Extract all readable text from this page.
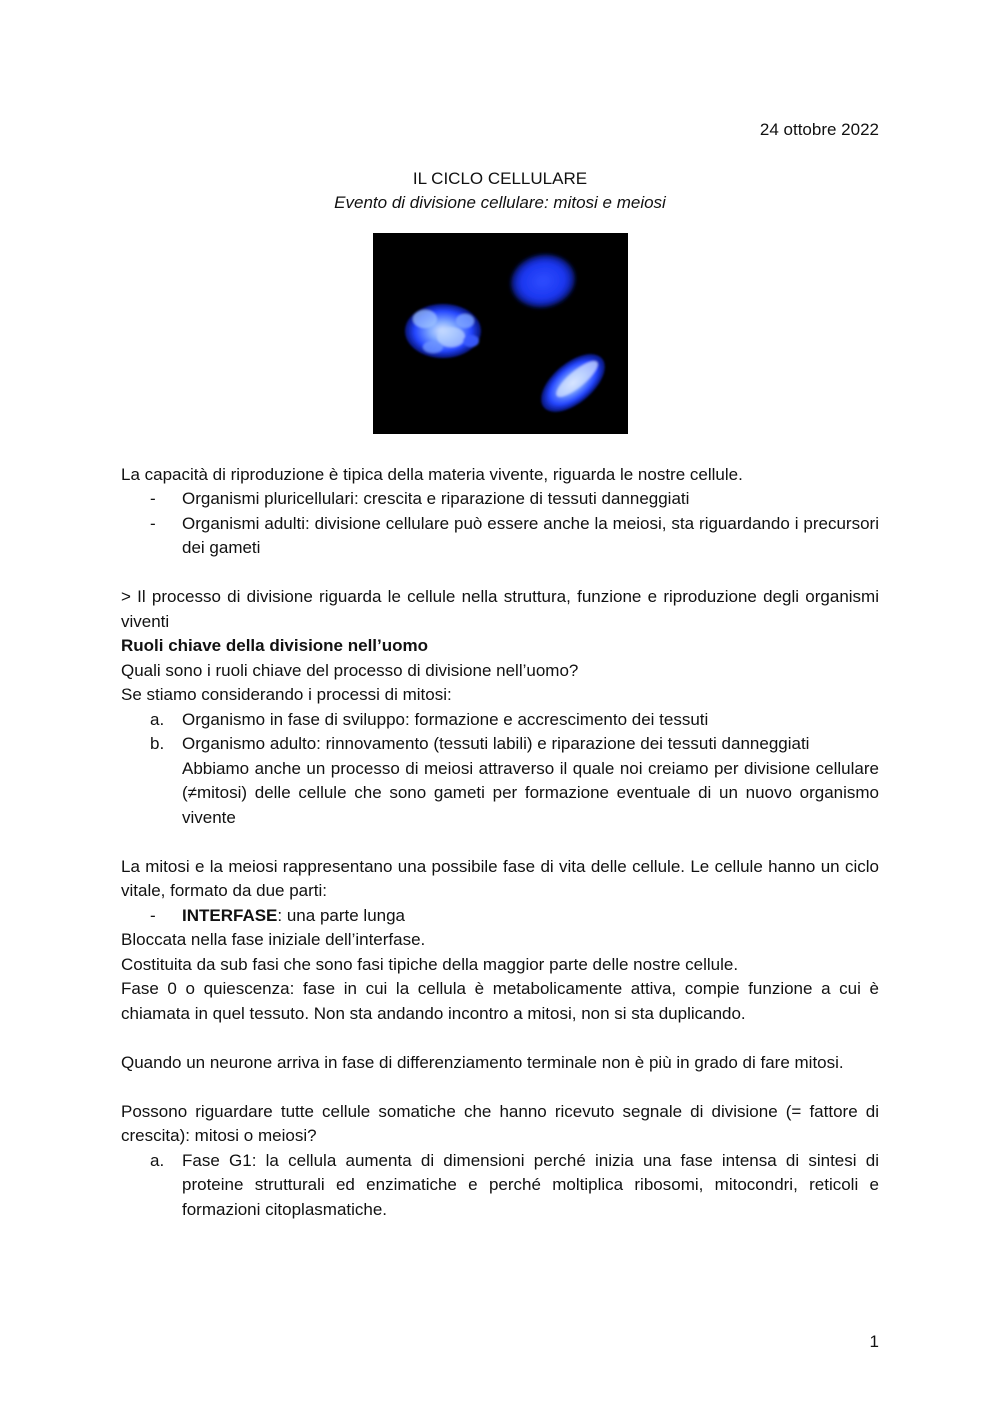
24 ottobre 2022

IL CICLO CELLULARE

Evento di divisione cellulare: mitosi e meiosi

La capacità di riproduzione è tipica della materia vivente, riguarda le nostre cellule.

- Organismi pluricellulari: crescita e riparazione di tessuti danneggiati
- Organismi adulti: divisione cellulare può essere anche la meiosi, sta riguardando i precursori dei gameti

> Il processo di divisione riguarda le cellule nella struttura, funzione e riproduzione degli organismi viventi

Ruoli chiave della divisione nell’uomo

Quali sono i ruoli chiave del processo di divisione nell’uomo?

Se stiamo considerando i processi di mitosi:

a. Organismo in fase di sviluppo: formazione e accrescimento dei tessuti
b. Organismo adulto: rinnovamento (tessuti labili) e riparazione dei tessuti danneggiati

Abbiamo anche un processo di meiosi attraverso il quale noi creiamo per divisione cellulare (≠mitosi) delle cellule che sono gameti per formazione eventuale di un nuovo organismo vivente

La mitosi e la meiosi rappresentano una possibile fase di vita delle cellule. Le cellule hanno un ciclo vitale, formato da due parti:

- INTERFASE: una parte lunga

Bloccata nella fase iniziale dell’interfase.

Costituita da sub fasi che sono fasi tipiche della maggior parte delle nostre cellule.

Fase 0 o quiescenza: fase in cui la cellula è metabolicamente attiva, compie funzione a cui è chiamata in quel tessuto. Non sta andando incontro a mitosi, non si sta duplicando.

Quando un neurone arriva in fase di differenziamento terminale non è più in grado di fare mitosi.

Possono riguardare tutte cellule somatiche che hanno ricevuto segnale di divisione (= fattore di crescita): mitosi o meiosi?

a. Fase G1: la cellula aumenta di dimensioni perché inizia una fase intensa di sintesi di proteine strutturali ed enzimatiche e perché moltiplica ribosomi, mitocondri, reticoli e formazioni citoplasmatiche.

1
